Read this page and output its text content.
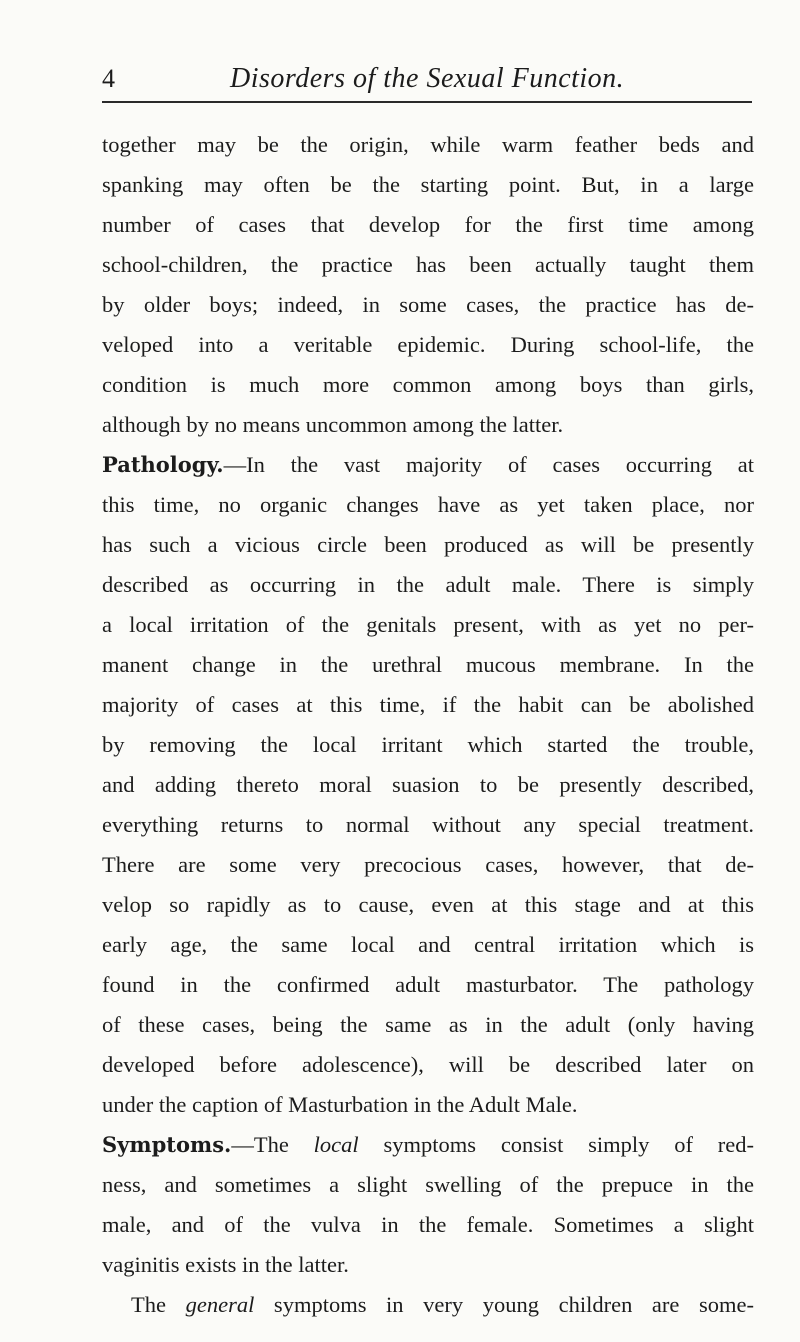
4	Disorders of the Sexual Function.
together may be the origin, while warm feather beds and
spanking may often be the starting point. But, in a large
number of cases that develop for the first time among
school-children, the practice has been actually taught them
by older boys; indeed, in some cases, the practice has de-
veloped into a veritable epidemic. During school-life, the
condition is much more common among boys than girls,
although by no means uncommon among the latter.
Pathology.—In the vast majority of cases occurring at
this time, no organic changes have as yet taken place, nor
has such a vicious circle been produced as will be presently
described as occurring in the adult male. There is simply
a local irritation of the genitals present, with as yet no per-
manent change in the urethral mucous membrane. In the
majority of cases at this time, if the habit can be abolished
by removing the local irritant which started the trouble,
and adding thereto moral suasion to be presently described,
everything returns to normal without any special treatment.
There are some very precocious cases, however, that de-
velop so rapidly as to cause, even at this stage and at this
early age, the same local and central irritation which is
found in the confirmed adult masturbator. The pathology
of these cases, being the same as in the adult (only having
developed before adolescence), will be described later on
under the caption of Masturbation in the Adult Male.
Symptoms.—The local symptoms consist simply of red-
ness, and sometimes a slight swelling of the prepuce in the
male, and of the vulva in the female. Sometimes a slight
vaginitis exists in the latter.
The general symptoms in very young children are some-
